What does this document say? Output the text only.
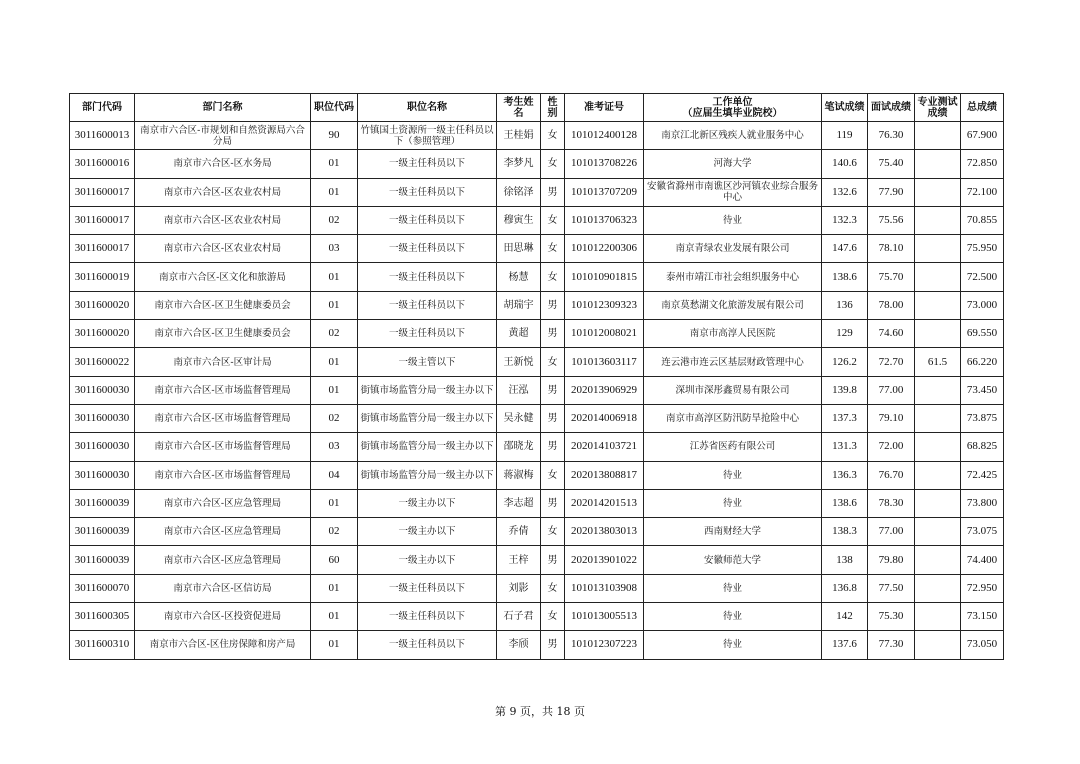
部门代码	部门名称	职位代码	职位名称	考生姓名	性别	准考证号	工作单位
（应届生填毕业院校）	笔试成绩	面试成绩	专业测试成绩	总成绩
3011600013	南京市六合区-市规划和自然资源局六合分局	90	竹镇国土资源所一级主任科员以下（参照管理）	王桂娟	女	101012400128	南京江北新区残疾人就业服务中心	119	76.30		67.900
3011600016	南京市六合区-区水务局	01	一级主任科员以下	李梦凡	女	101013708226	河海大学	140.6	75.40		72.850
3011600017	南京市六合区-区农业农村局	01	一级主任科员以下	徐铭泽	男	101013707209	安徽省滁州市南谯区沙河镇农业综合服务中心	132.6	77.90		72.100
3011600017	南京市六合区-区农业农村局	02	一级主任科员以下	穆寅生	女	101013706323	待业	132.3	75.56		70.855
3011600017	南京市六合区-区农业农村局	03	一级主任科员以下	田思琳	女	101012200306	南京青绿农业发展有限公司	147.6	78.10		75.950
3011600019	南京市六合区-区文化和旅游局	01	一级主任科员以下	杨慧	女	101010901815	泰州市靖江市社会组织服务中心	138.6	75.70		72.500
3011600020	南京市六合区-区卫生健康委员会	01	一级主任科员以下	胡瑞宇	男	101012309323	南京莫愁湖文化旅游发展有限公司	136	78.00		73.000
3011600020	南京市六合区-区卫生健康委员会	02	一级主任科员以下	黄超	男	101012008021	南京市高淳人民医院	129	74.60		69.550
3011600022	南京市六合区-区审计局	01	一级主管以下	王新悦	女	101013603117	连云港市连云区基层财政管理中心	126.2	72.70	61.5	66.220
3011600030	南京市六合区-区市场监督管理局	01	街镇市场监管分局一级主办以下	汪泓	男	202013906929	深圳市深彤鑫贸易有限公司	139.8	77.00		73.450
3011600030	南京市六合区-区市场监督管理局	02	街镇市场监管分局一级主办以下	吴永健	男	202014006918	南京市高淳区防汛防旱抢险中心	137.3	79.10		73.875
3011600030	南京市六合区-区市场监督管理局	03	街镇市场监管分局一级主办以下	邵晓龙	男	202014103721	江苏省医药有限公司	131.3	72.00		68.825
3011600030	南京市六合区-区市场监督管理局	04	街镇市场监管分局一级主办以下	蒋淑梅	女	202013808817	待业	136.3	76.70		72.425
3011600039	南京市六合区-区应急管理局	01	一级主办以下	李志超	男	202014201513	待业	138.6	78.30		73.800
3011600039	南京市六合区-区应急管理局	02	一级主办以下	乔倩	女	202013803013	西南财经大学	138.3	77.00		73.075
3011600039	南京市六合区-区应急管理局	60	一级主办以下	王梓	男	202013901022	安徽师范大学	138	79.80		74.400
3011600070	南京市六合区-区信访局	01	一级主任科员以下	刘影	女	101013103908	待业	136.8	77.50		72.950
3011600305	南京市六合区-区投资促进局	01	一级主任科员以下	石子君	女	101013005513	待业	142	75.30		73.150
3011600310	南京市六合区-区住房保障和房产局	01	一级主任科员以下	李颀	男	101012307223	待业	137.6	77.30		73.050
第 9 页，共 18 页
